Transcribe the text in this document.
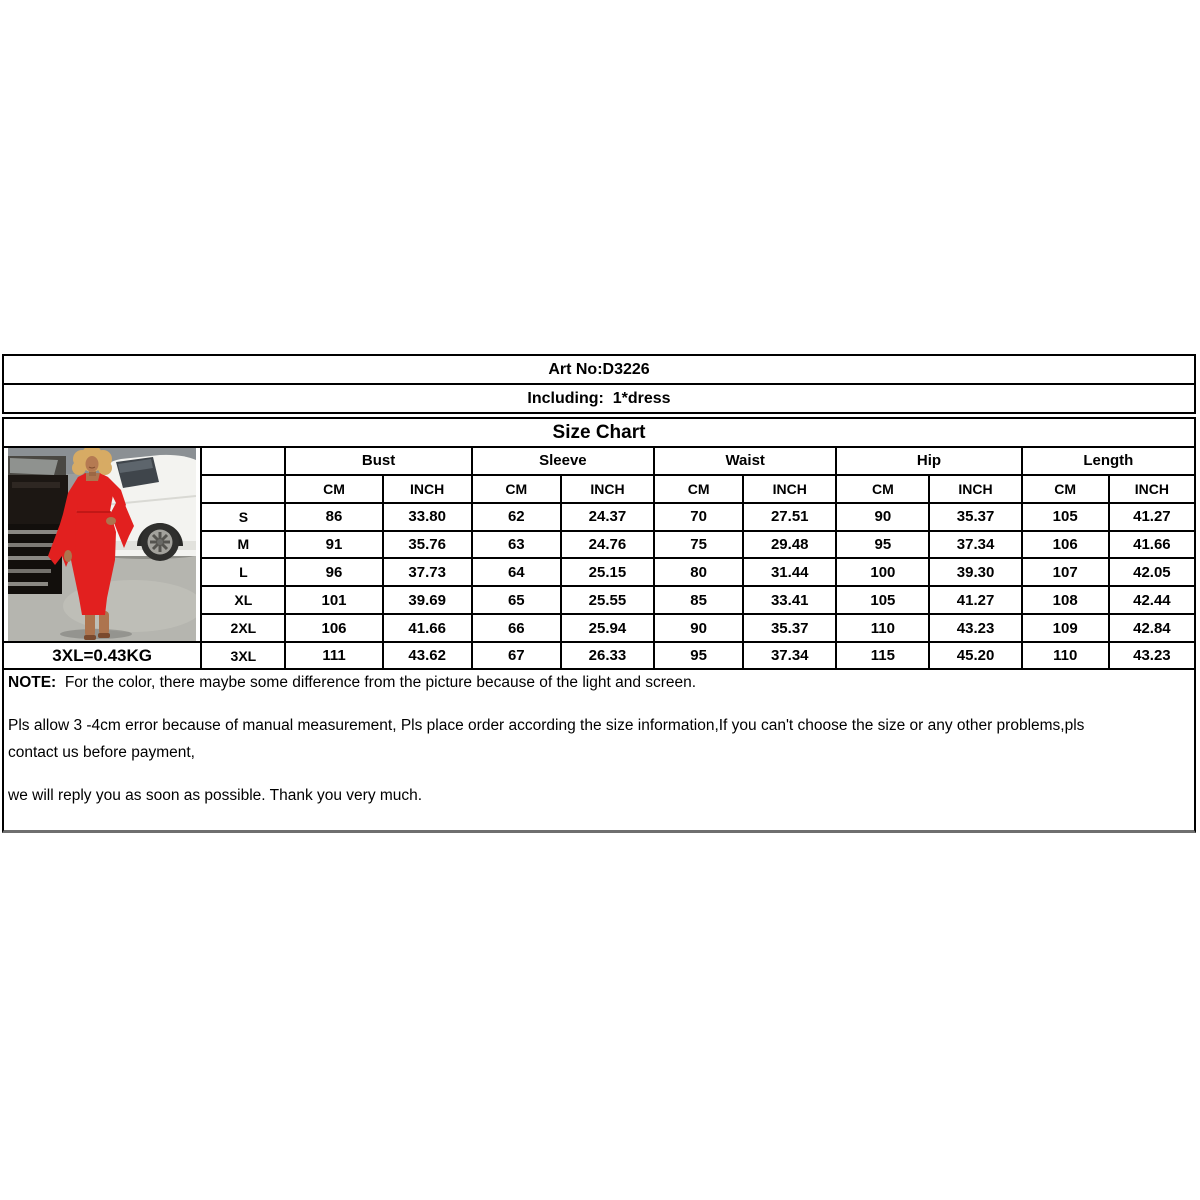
Art No:D3226
Including:  1*dress
Size Chart
		Bust		Sleeve		Waist		Hip		Length	
		CM	INCH	CM	INCH	CM	INCH	CM	INCH	CM	INCH
	S	86	33.80	62	24.37	70	27.51	90	35.37	105	41.27
	M	91	35.76	63	24.76	75	29.48	95	37.34	106	41.66
	L	96	37.73	64	25.15	80	31.44	100	39.30	107	42.05
	XL	101	39.69	65	25.55	85	33.41	105	41.27	108	42.44
	2XL	106	41.66	66	25.94	90	35.37	110	43.23	109	42.84
3XL=0.43KG	3XL	111	43.62	67	26.33	95	37.34	115	45.20	110	43.23
NOTE:  For the color, there maybe some difference from the picture because of the light and screen.
Pls allow 3 -4cm error because of manual measurement, Pls place order according the size information,If you can't choose the size or any other problems,pls
contact us before payment,
we will reply you as soon as possible. Thank you very much.
